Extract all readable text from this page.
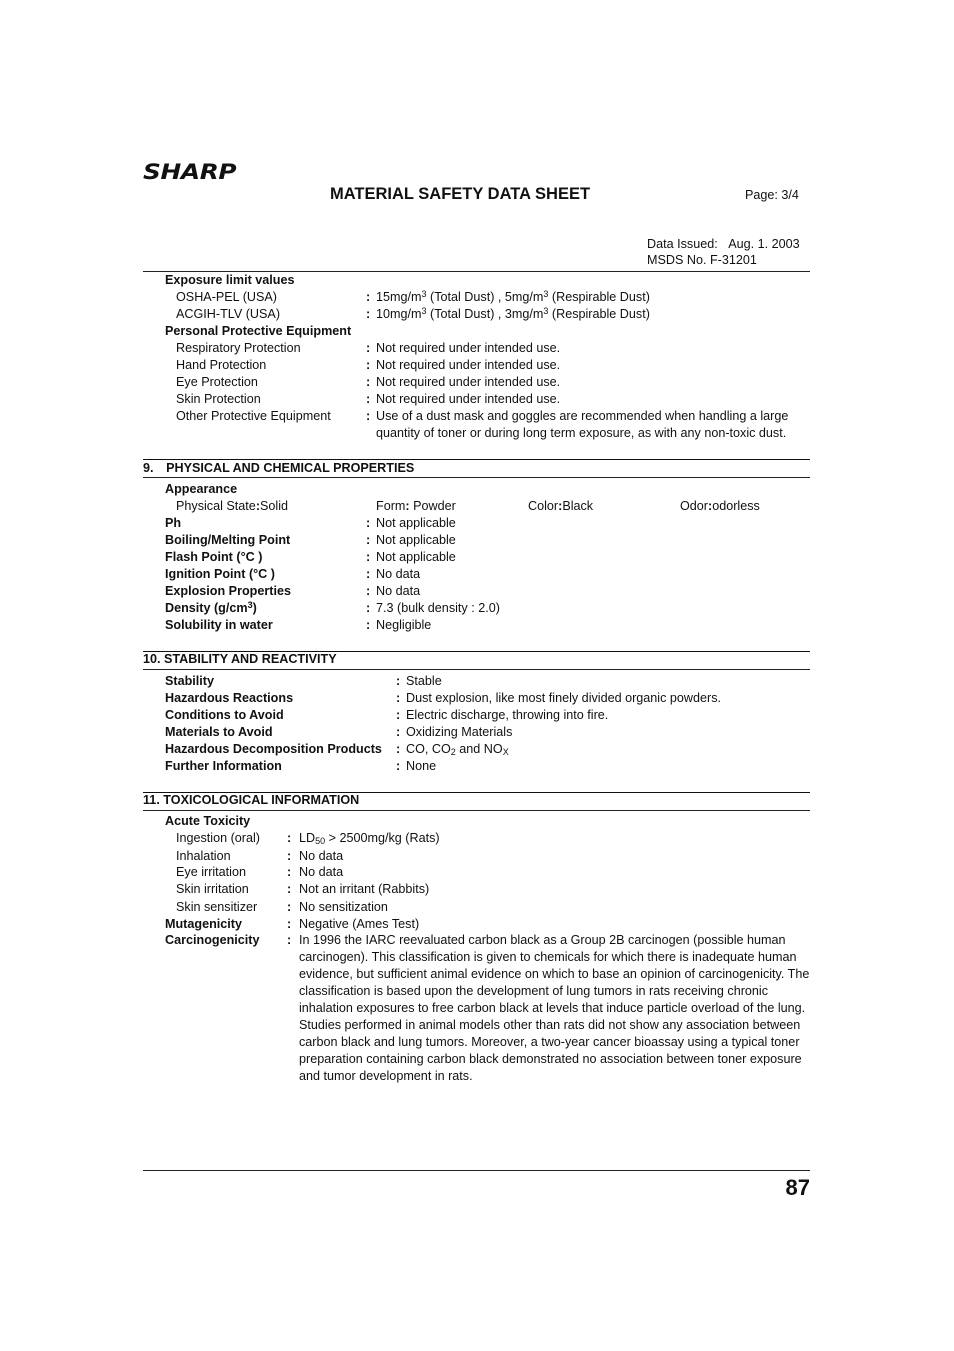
SHARP
MATERIAL SAFETY DATA SHEET	Page: 3/4
Data Issued: Aug. 1. 2003
MSDS No. F-31201
Exposure limit values
OSHA-PEL (USA)	: $15mg/m^3$ (Total Dust) , $5mg/m^3$ (Respirable Dust)
ACGIH-TLV (USA)	: $10mg/m^3$ (Total Dust) , $3mg/m^3$ (Respirable Dust)
Personal Protective Equipment
Respiratory Protection	: Not required under intended use.
Hand Protection	: Not required under intended use.
Eye Protection	: Not required under intended use.
Skin Protection	: Not required under intended use.
Other Protective Equipment	: Use of a dust mask and goggles are recommended when handling a large quantity of toner or during long term exposure, as with any non-toxic dust.
9. PHYSICAL AND CHEMICAL PROPERTIES
Appearance
Physical State:Solid	Form: Powder	Color:Black	Odor:odorless
Ph	: Not applicable
Boiling/Melting Point	: Not applicable
Flash Point (°C )	: Not applicable
Ignition Point (°C )	: No data
Explosion Properties	: No data
Density $(g/cm^3)$	: 7.3 (bulk density : 2.0)
Solubility in water	: Negligible
10. STABILITY AND REACTIVITY
Stability	: Stable
Hazardous Reactions	: Dust explosion, like most finely divided organic powders.
Conditions to Avoid	: Electric discharge, throwing into fire.
Materials to Avoid	: Oxidizing Materials
Hazardous Decomposition Products : CO, $CO_2$ and $NO_X$
Further Information	: None
11. TOXICOLOGICAL INFORMATION
Acute Toxicity
Ingestion (oral) : $LD_{50} > 2500mg/kg$ (Rats)
Inhalation	: No data
Eye irritation	: No data
Skin irritation	: Not an irritant (Rabbits)
Skin sensitizer : No sensitization
Mutagenicity	: Negative (Ames Test)
Carcinogenicity : In 1996 the IARC reevaluated carbon black as a Group 2B carcinogen (possible human carcinogen). This classification is given to chemicals for which there is inadequate human evidence, but sufficient animal evidence on which to base an opinion of carcinogenicity. The classification is based upon the development of lung tumors in rats receiving chronic inhalation exposures to free carbon black at levels that induce particle overload of the lung. Studies performed in animal models other than rats did not show any association between carbon black and lung tumors. Moreover, a two-year cancer bioassay using a typical toner preparation containing carbon black demonstrated no association between toner exposure and tumor development in rats.
87
